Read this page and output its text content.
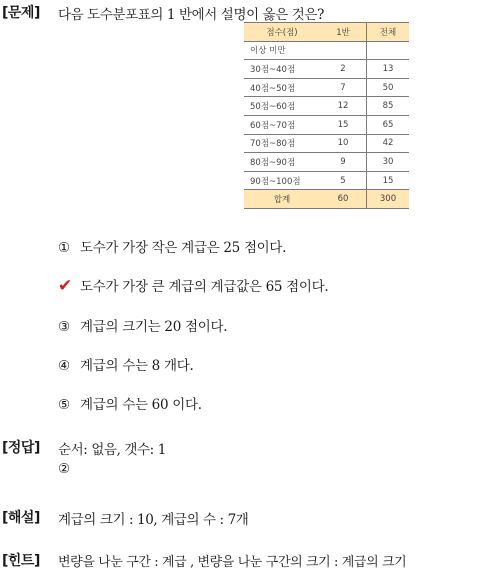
[문제] 다음 도수분포표의 1 반에서 설명이 옳은 것은?
점수(점)	1반	전체
이상 미만		
30점~40점	2	13
40점~50점	7	50
50점~60점	12	85
60점~70점	15	65
70점~80점	10	42
80점~90점	9	30
90점~100점	5	15
합계	60	300
① 도수가 가장 작은 계급은 25 점이다.
✔ 도수가 가장 큰 계급의 계급값은 65 점이다.
③ 계급의 크기는 20 점이다.
④ 계급의 수는 8 개다.
⑤ 계급의 수는 60 이다.
[정답] 순서: 없음, 갯수: 1
②
[해설] 계급의 크기 : 10, 계급의 수 : 7개
[힌트] 변량을 나눈 구간 : 계급 , 변량을 나눈 구간의 크기 : 계급의 크기
